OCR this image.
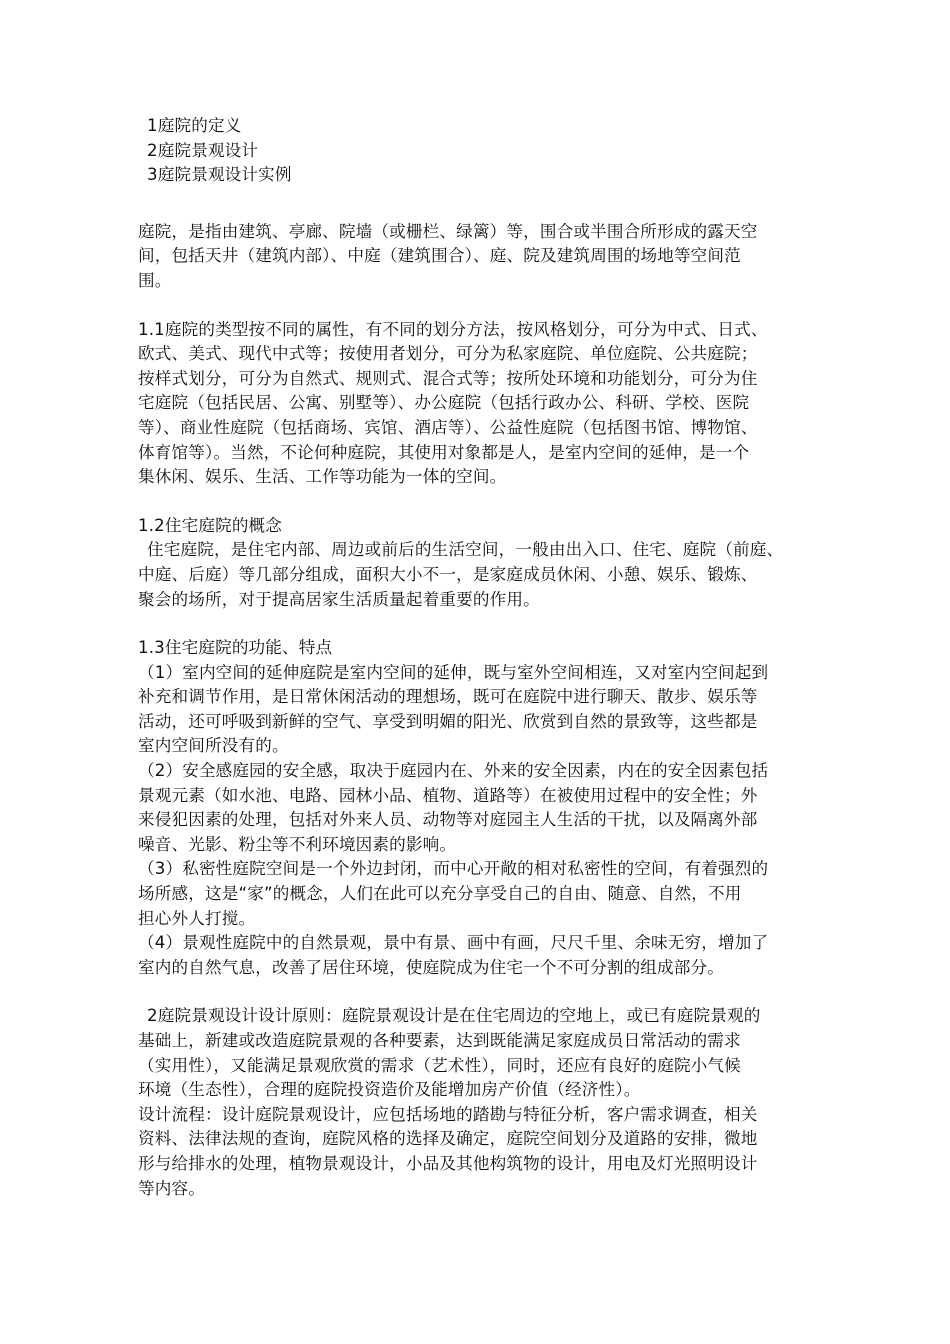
1庭院的定义
2庭院景观设计
3庭院景观设计实例
庭院，是指由建筑、亭廊、院墙（或栅栏、绿篱）等，围合或半围合所形成的露天空
间，包括天井（建筑内部）、中庭（建筑围合）、庭、院及建筑周围的场地等空间范
围。
1.1庭院的类型按不同的属性，有不同的划分方法，按风格划分，可分为中式、日式、
欧式、美式、现代中式等；按使用者划分，可分为私家庭院、单位庭院、公共庭院；
按样式划分，可分为自然式、规则式、混合式等；按所处环境和功能划分，可分为住
宅庭院（包括民居、公寓、别墅等）、办公庭院（包括行政办公、科研、学校、医院
等）、商业性庭院（包括商场、宾馆、酒店等）、公益性庭院（包括图书馆、博物馆、
体育馆等）。当然，不论何种庭院，其使用对象都是人，是室内空间的延伸，是一个
集休闲、娱乐、生活、工作等功能为一体的空间。
1.2住宅庭院的概念
住宅庭院，是住宅内部、周边或前后的生活空间，一般由出入口、住宅、庭院（前庭、
中庭、后庭）等几部分组成，面积大小不一，是家庭成员休闲、小憩、娱乐、锻炼、
聚会的场所，对于提高居家生活质量起着重要的作用。
1.3住宅庭院的功能、特点
（1）室内空间的延伸庭院是室内空间的延伸，既与室外空间相连，又对室内空间起到
补充和调节作用，是日常休闲活动的理想场，既可在庭院中进行聊天、散步、娱乐等
活动，还可呼吸到新鲜的空气、享受到明媚的阳光、欣赏到自然的景致等，这些都是
室内空间所没有的。
（2）安全感庭园的安全感，取决于庭园内在、外来的安全因素，内在的安全因素包括
景观元素（如水池、电路、园林小品、植物、道路等）在被使用过程中的安全性；外
来侵犯因素的处理，包括对外来人员、动物等对庭园主人生活的干扰，以及隔离外部
噪音、光影、粉尘等不利环境因素的影响。
（3）私密性庭院空间是一个外边封闭，而中心开敞的相对私密性的空间，有着强烈的
场所感，这是“家”的概念，人们在此可以充分享受自己的自由、随意、自然，不用
担心外人打搅。
（4）景观性庭院中的自然景观，景中有景、画中有画，尺尺千里、余味无穷，增加了
室内的自然气息，改善了居住环境，使庭院成为住宅一个不可分割的组成部分。
2庭院景观设计设计原则：庭院景观设计是在住宅周边的空地上，或已有庭院景观的
基础上，新建或改造庭院景观的各种要素，达到既能满足家庭成员日常活动的需求
（实用性），又能满足景观欣赏的需求（艺术性），同时，还应有良好的庭院小气候
环境（生态性），合理的庭院投资造价及能增加房产价值（经济性）。
设计流程：设计庭院景观设计，应包括场地的踏勘与特征分析，客户需求调查，相关
资料、法律法规的查询，庭院风格的选择及确定，庭院空间划分及道路的安排，微地
形与给排水的处理，植物景观设计，小品及其他构筑物的设计，用电及灯光照明设计
等内容。
